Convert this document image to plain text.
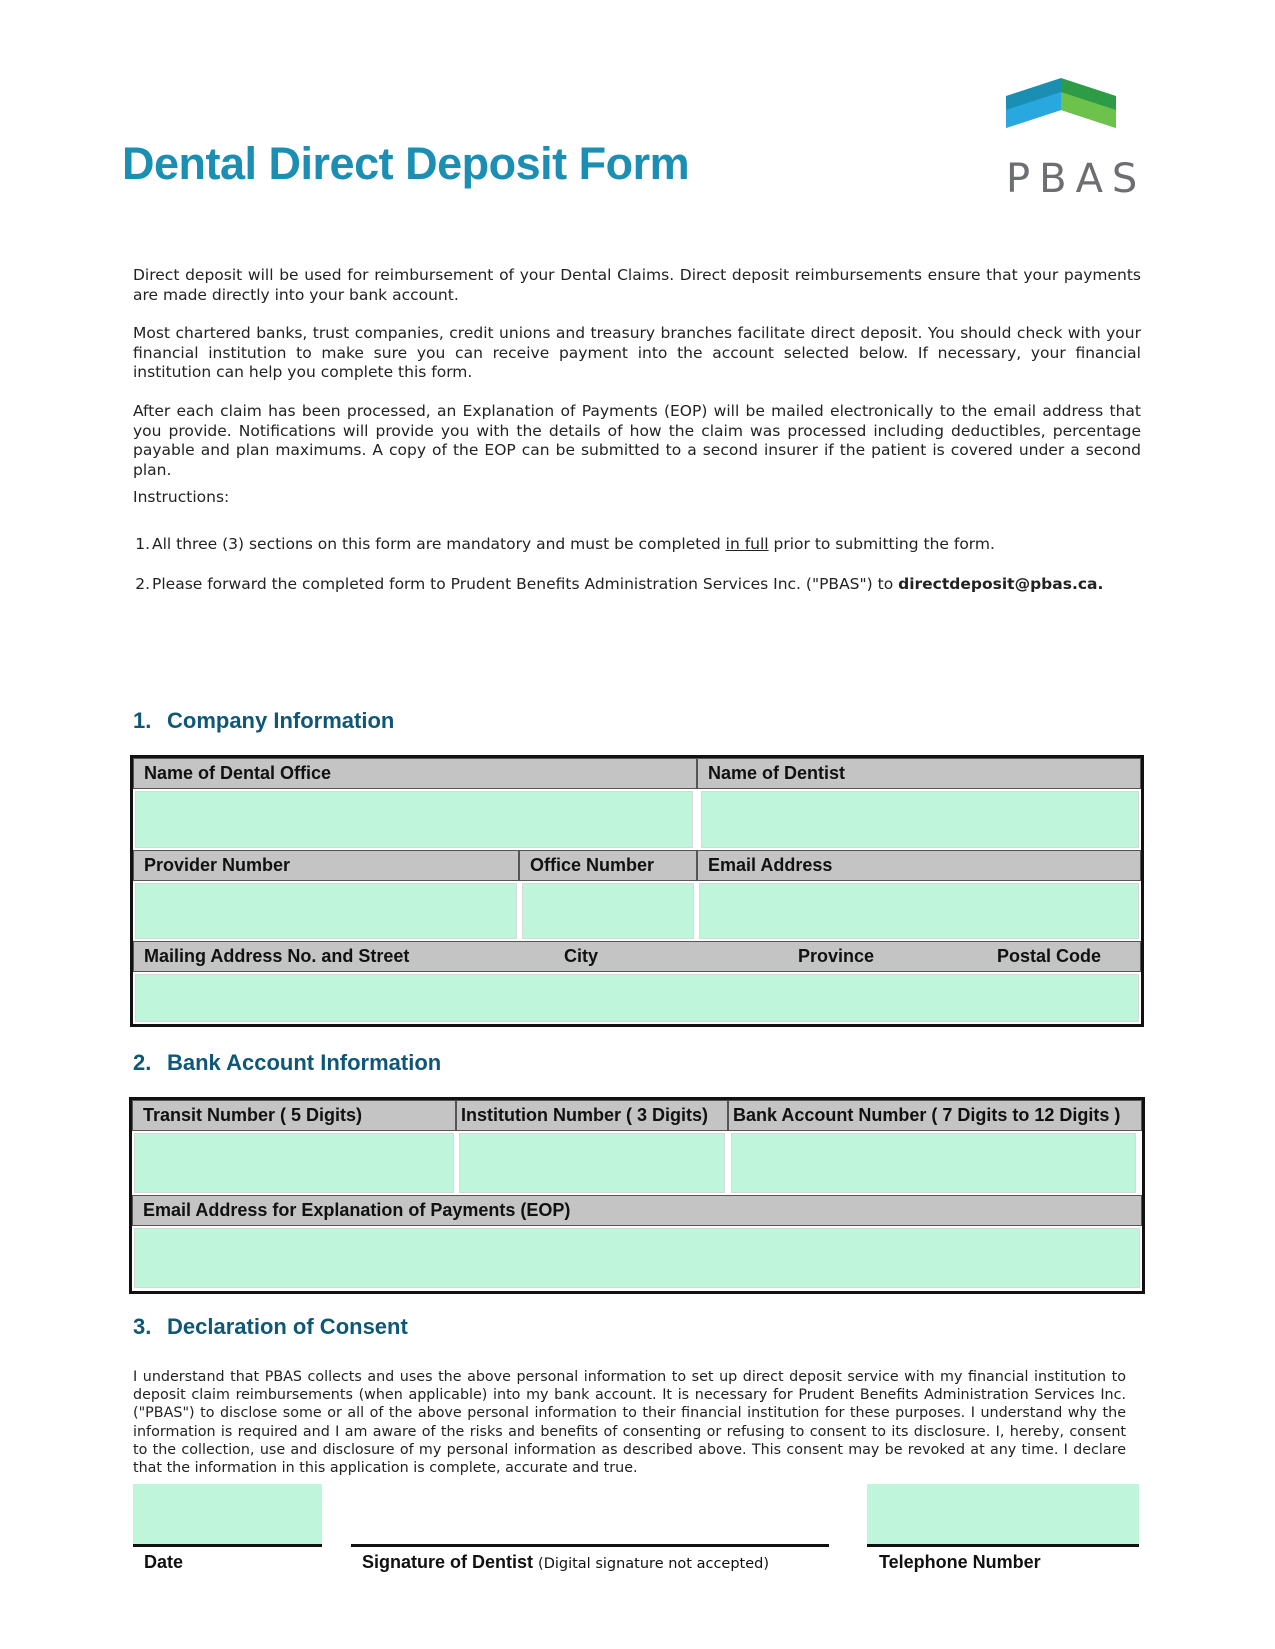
Dental Direct Deposit Form	PBAS
Direct deposit will be used for reimbursement of your Dental Claims. Direct deposit reimbursements ensure that your payments are made directly into your bank account.
Most chartered banks, trust companies, credit unions and treasury branches facilitate direct deposit. You should check with your financial institution to make sure you can receive payment into the account selected below. If necessary, your financial institution can help you complete this form.
After each claim has been processed, an Explanation of Payments (EOP) will be mailed electronically to the email address that you provide. Notifications will provide you with the details of how the claim was processed including deductibles, percentage payable and plan maximums. A copy of the EOP can be submitted to a second insurer if the patient is covered under a second plan.
Instructions:
1. All three (3) sections on this form are mandatory and must be completed in full prior to submitting the form.
2. Please forward the completed form to Prudent Benefits Administration Services Inc. ("PBAS") to directdeposit@pbas.ca.
1. Company Information
Name of Dental Office	Name of Dentist
Provider Number	Office Number	Email Address
Mailing Address No. and Street	City	Province	Postal Code
2. Bank Account Information
Transit Number ( 5 Digits)	Institution Number ( 3 Digits)	Bank Account Number ( 7 Digits to 12 Digits )
Email Address for Explanation of Payments (EOP)
3. Declaration of Consent
I understand that PBAS collects and uses the above personal information to set up direct deposit service with my financial institution to deposit claim reimbursements (when applicable) into my bank account. It is necessary for Prudent Benefits Administration Services Inc. ("PBAS") to disclose some or all of the above personal information to their financial institution for these purposes. I understand why the information is required and I am aware of the risks and benefits of consenting or refusing to consent to its disclosure. I, hereby, consent to the collection, use and disclosure of my personal information as described above. This consent may be revoked at any time. I declare that the information in this application is complete, accurate and true.
Date	Signature of Dentist (Digital signature not accepted)	Telephone Number
